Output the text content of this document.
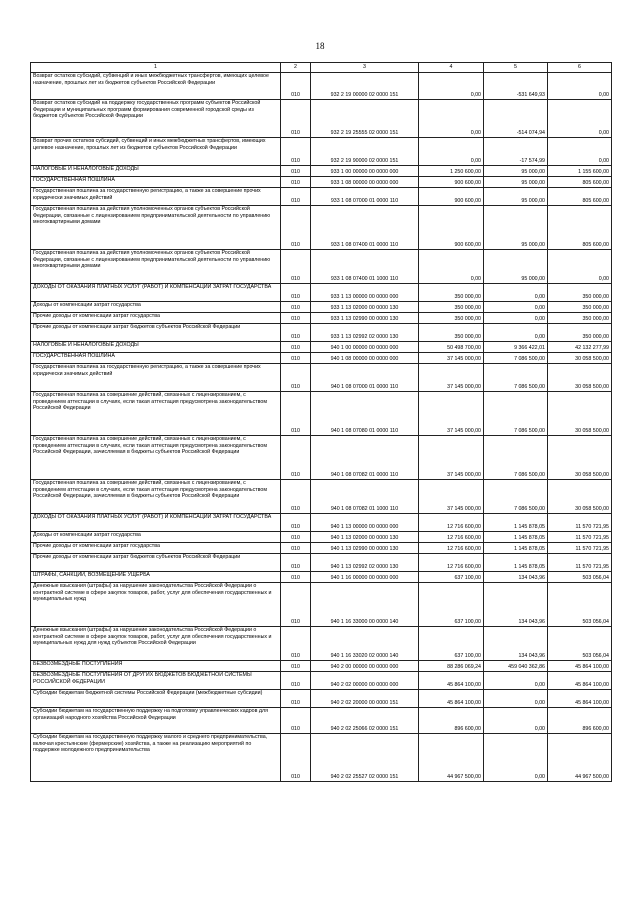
18
1	2	3	4	5	6
Возврат остатков субсидий, субвенций и иных межбюджетных трансфертов, имеющих целевое назначение, прошлых лет из бюджетов субъектов Российской Федерации	010	932 2 19 00000 02 0000 151	0,00	-531 649,93	0,00
Возврат остатков субсидий на поддержку государственных программ субъектов Российской Федерации и муниципальных программ формирования современной городской среды из бюджетов субъектов Российской Федерации	010	932 2 19 25555 02 0000 151	0,00	-514 074,94	0,00
Возврат прочих остатков субсидий, субвенций и иных межбюджетных трансфертов, имеющих целевое назначение, прошлых лет из бюджетов субъектов Российской Федерации	010	932 2 19 90000 02 0000 151	0,00	-17 574,99	0,00
НАЛОГОВЫЕ И НЕНАЛОГОВЫЕ ДОХОДЫ	010	933 1 00 00000 00 0000 000	1 250 600,00	95 000,00	1 155 600,00
ГОСУДАРСТВЕННАЯ ПОШЛИНА	010	933 1 08 00000 00 0000 000	900 600,00	95 000,00	805 600,00
Государственная пошлина за государственную регистрацию, а также за совершение прочих юридически значимых действий	010	933 1 08 07000 01 0000 110	900 600,00	95 000,00	805 600,00
Государственная пошлина за действия уполномоченных органов субъектов Российской Федерации, связанные с лицензированием предпринимательской деятельности по управлению многоквартирными домами	010	933 1 08 07400 01 0000 110	900 600,00	95 000,00	805 600,00
Государственная пошлина за действия уполномоченных органов субъектов Российской Федерации, связанные с лицензированием предпринимательской деятельности по управлению многоквартирными домами	010	933 1 08 07400 01 1000 110	0,00	95 000,00	0,00
ДОХОДЫ ОТ ОКАЗАНИЯ ПЛАТНЫХ УСЛУГ (РАБОТ) И КОМПЕНСАЦИИ ЗАТРАТ ГОСУДАРСТВА	010	933 1 13 00000 00 0000 000	350 000,00	0,00	350 000,00
Доходы от компенсации затрат государства	010	933 1 13 02000 00 0000 130	350 000,00	0,00	350 000,00
Прочие доходы от компенсации затрат государства	010	933 1 13 02990 00 0000 130	350 000,00	0,00	350 000,00
Прочие доходы от компенсации затрат бюджетов субъектов Российской Федерации	010	933 1 13 02992 02 0000 130	350 000,00	0,00	350 000,00
НАЛОГОВЫЕ И НЕНАЛОГОВЫЕ ДОХОДЫ	010	940 1 00 00000 00 0000 000	50 498 700,00	9 366 422,01	42 132 277,99
ГОСУДАРСТВЕННАЯ ПОШЛИНА	010	940 1 08 00000 00 0000 000	37 145 000,00	7 086 500,00	30 058 500,00
Государственная пошлина за государственную регистрацию, а также за совершение прочих юридически значимых действий	010	940 1 08 07000 01 0000 110	37 145 000,00	7 086 500,00	30 058 500,00
Государственная пошлина за совершение действий, связанных с лицензированием, с проведением аттестации в случаях, если такая аттестация предусмотрена законодательством Российской Федерации	010	940 1 08 07080 01 0000 110	37 145 000,00	7 086 500,00	30 058 500,00
Государственная пошлина за совершение действий, связанных с лицензированием, с проведением аттестации в случаях, если такая аттестация предусмотрена законодательством Российской Федерации, зачисляемая в бюджеты субъектов Российской Федерации	010	940 1 08 07082 01 0000 110	37 145 000,00	7 086 500,00	30 058 500,00
Государственная пошлина за совершение действий, связанных с лицензированием, с проведением аттестации в случаях, если такая аттестация предусмотрена законодательством Российской Федерации, зачисляемая в бюджеты субъектов Российской Федерации	010	940 1 08 07082 01 1000 110	37 145 000,00	7 086 500,00	30 058 500,00
ДОХОДЫ ОТ ОКАЗАНИЯ ПЛАТНЫХ УСЛУГ (РАБОТ) И КОМПЕНСАЦИИ ЗАТРАТ ГОСУДАРСТВА	010	940 1 13 00000 00 0000 000	12 716 600,00	1 145 878,05	11 570 721,95
Доходы от компенсации затрат государства	010	940 1 13 02000 00 0000 130	12 716 600,00	1 145 878,05	11 570 721,95
Прочие доходы от компенсации затрат государства	010	940 1 13 02990 00 0000 130	12 716 600,00	1 145 878,05	11 570 721,95
Прочие доходы от компенсации затрат бюджетов субъектов Российской Федерации	010	940 1 13 02992 02 0000 130	12 716 600,00	1 145 878,05	11 570 721,95
ШТРАФЫ, САНКЦИИ, ВОЗМЕЩЕНИЕ УЩЕРБА	010	940 1 16 00000 00 0000 000	637 100,00	134 043,96	503 056,04
Денежные взыскания (штрафы) за нарушение законодательства Российской Федерации о контрактной системе в сфере закупок товаров, работ, услуг для обеспечения государственных и муниципальных нужд	010	940 1 16 33000 00 0000 140	637 100,00	134 043,96	503 056,04
Денежные взыскания (штрафы) за нарушение законодательства Российской Федерации о контрактной системе в сфере закупок товаров, работ, услуг для обеспечения государственных и муниципальных нужд для нужд субъектов Российской Федерации	010	940 1 16 33020 02 0000 140	637 100,00	134 043,96	503 056,04
БЕЗВОЗМЕЗДНЫЕ ПОСТУПЛЕНИЯ	010	940 2 00 00000 00 0000 000	88 286 069,24	459 040 362,86	45 864 100,00
БЕЗВОЗМЕЗДНЫЕ ПОСТУПЛЕНИЯ ОТ ДРУГИХ БЮДЖЕТОВ БЮДЖЕТНОЙ СИСТЕМЫ РОССИЙСКОЙ ФЕДЕРАЦИИ	010	940 2 02 00000 00 0000 000	45 864 100,00	0,00	45 864 100,00
Субсидии бюджетам бюджетной системы Российской Федерации (межбюджетные субсидии)	010	940 2 02 20000 00 0000 151	45 864 100,00	0,00	45 864 100,00
Субсидии бюджетам на государственную поддержку на подготовку управленческих кадров для организаций народного хозяйства Российской Федерации	010	940 2 02 25066 02 0000 151	896 600,00	0,00	896 600,00
Субсидии бюджетам на государственную поддержку малого и среднего предпринимательства, включая крестьянские (фермерские) хозяйства, а также на реализацию мероприятий по поддержке молодежного предпринимательства	010	940 2 02 25527 02 0000 151	44 967 500,00	0,00	44 967 500,00
